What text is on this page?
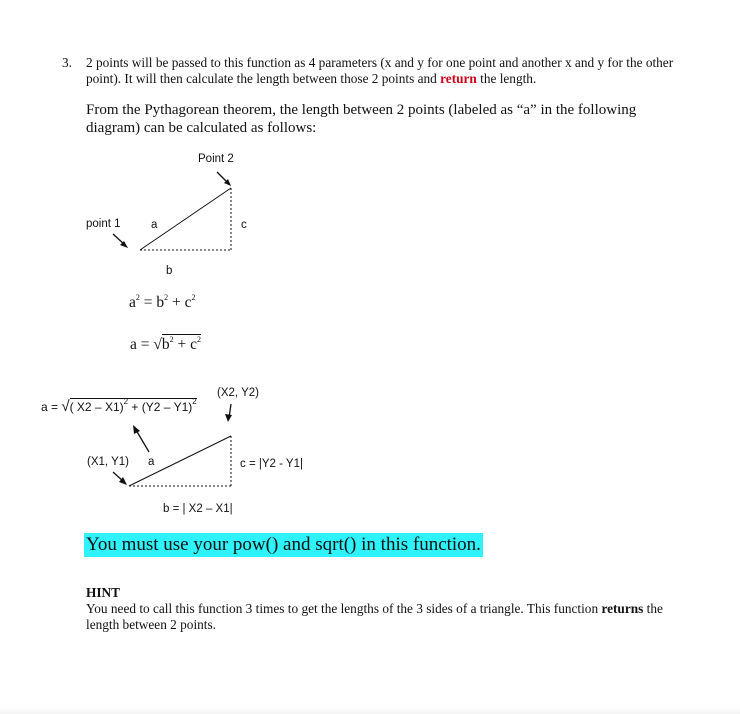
3. 2 points will be passed to this function as 4 parameters (x and y for one point and another x and y for the other point). It will then calculate the length between those 2 points and return the length.
From the Pythagorean theorem, the length between 2 points (labeled as “a” in the following diagram) can be calculated as follows:
Point 2
point 1	a
b
c
$a^2 = b^2 + c^2$
$a = √b^2 + c^2$
(X2, Y2)
a = √( X2 – X1)$^2$ + (Y2 – Y1)$^2$
(X1, Y1) a	c = |Y2 - Y1|
b = | X2 – X1|
You must use your pow() and sqrt() in this function.
HINT
You need to call this function 3 times to get the lengths of the 3 sides of a triangle. This function returns the length between 2 points.
